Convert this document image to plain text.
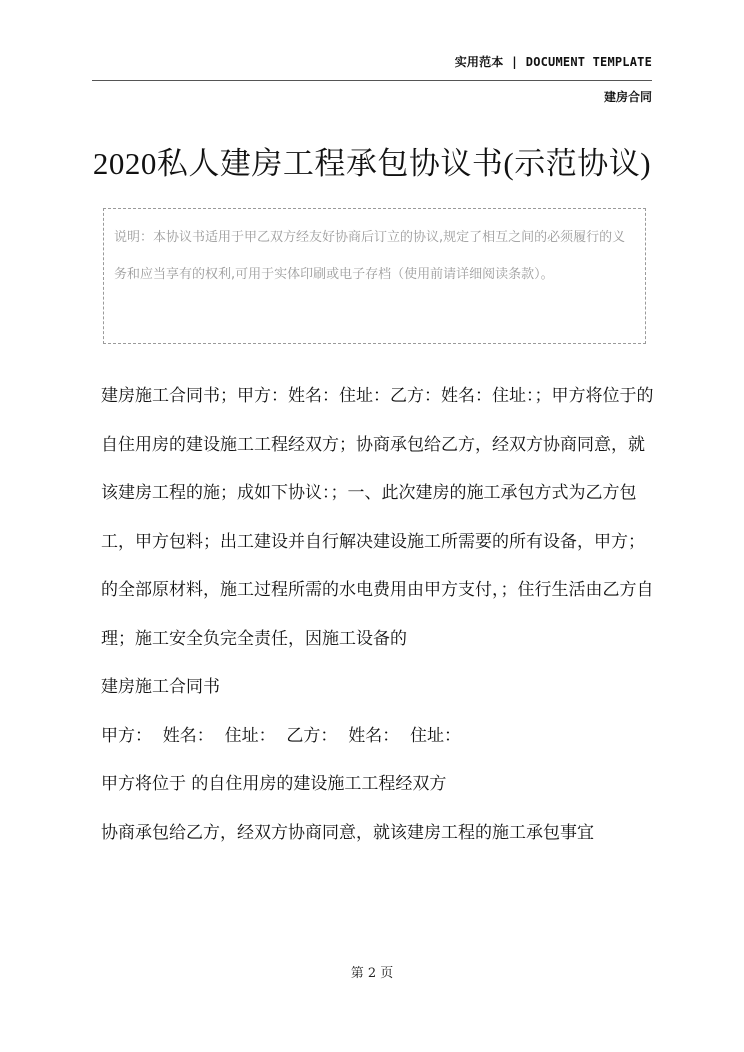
实用范本 | DOCUMENT TEMPLATE
建房合同
2020私人建房工程承包协议书(示范协议)
说明：本协议书适用于甲乙双方经友好协商后订立的协议,规定了相互之间的必须履行的义务和应当享有的权利,可用于实体印刷或电子存档（使用前请详细阅读条款）。

建房施工合同书；甲方：姓名：住址：乙方：姓名：住址：；甲方将位于的自住用房的建设施工工程经双方；协商承包给乙方，经双方协商同意，就该建房工程的施；成如下协议：；一、此次建房的施工承包方式为乙方包工，甲方包料；出工建设并自行解决建设施工所需要的所有设备，甲方；的全部原材料，施工过程所需的水电费用由甲方支付，；住行生活由乙方自理；施工安全负完全责任，因施工设备的

建房施工合同书

甲方：  姓名：  住址：  乙方：  姓名：  住址：

甲方将位于 的自住用房的建设施工工程经双方

协商承包给乙方，经双方协商同意，就该建房工程的施工承包事宜

第 2 页
